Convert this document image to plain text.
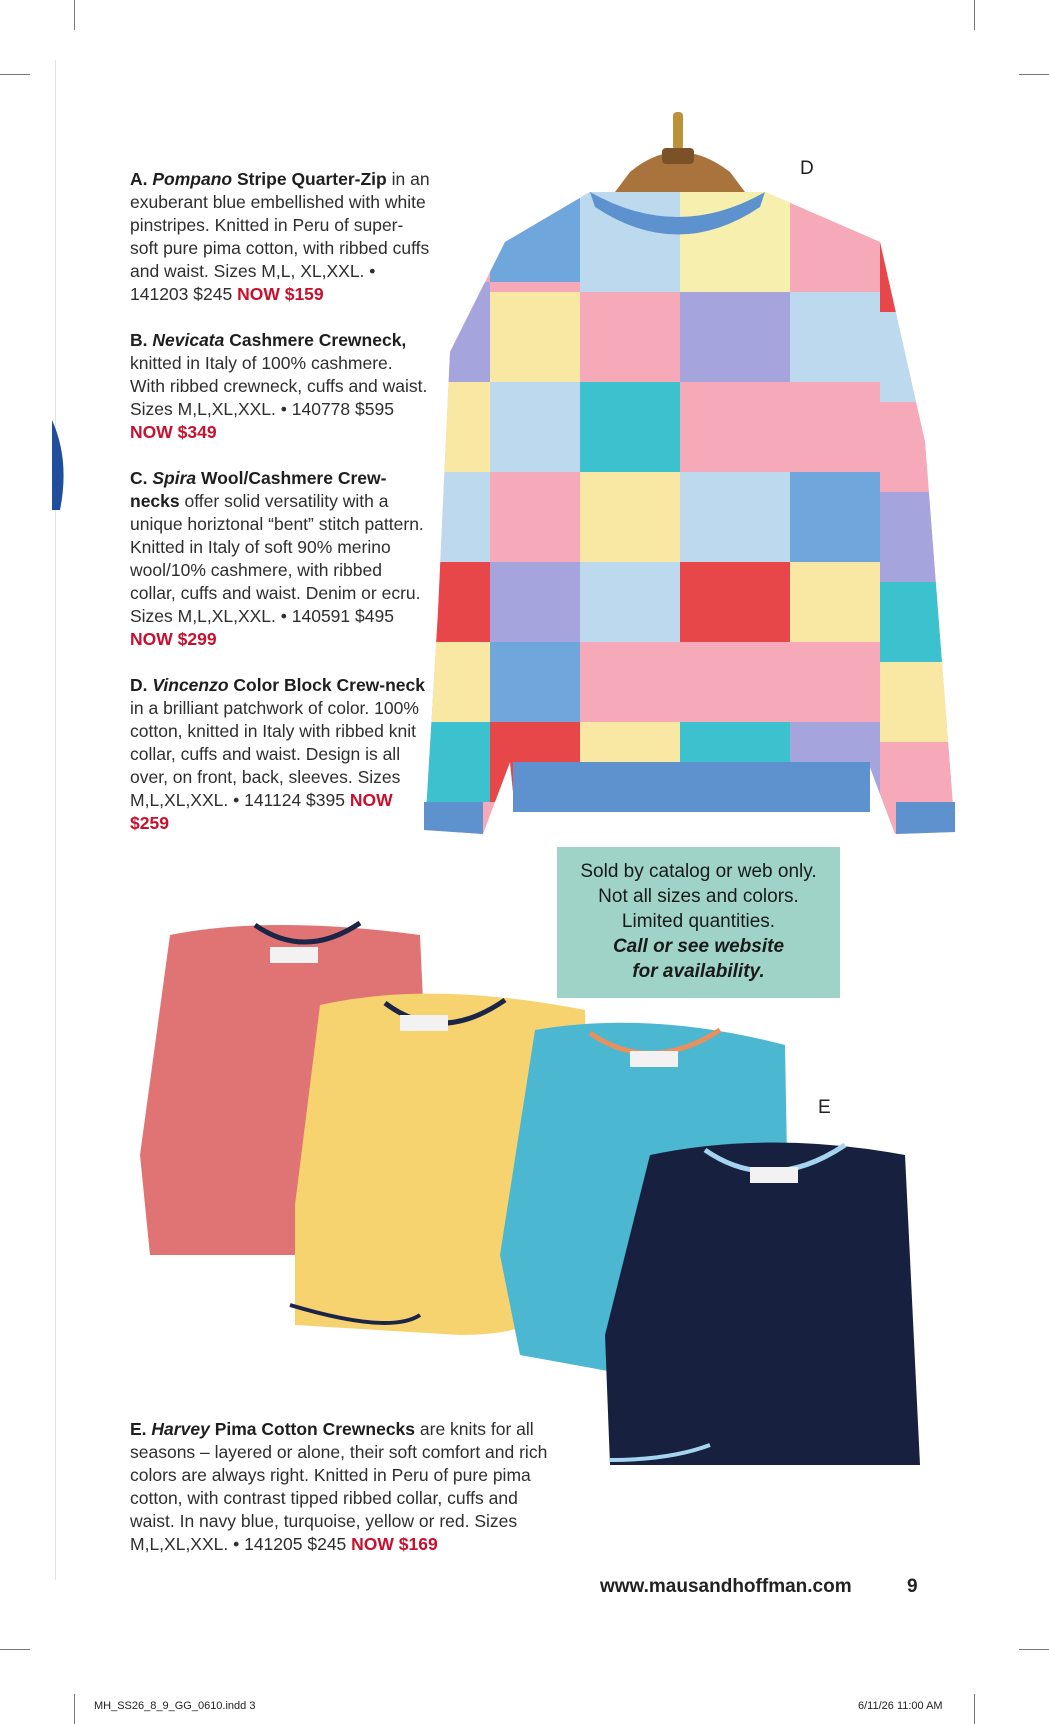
A. Pompano Stripe Quarter-Zip in an exuberant blue embellished with white pinstripes. Knitted in Peru of super-soft pure pima cotton, with ribbed cuffs and waist. Sizes M,L, XL,XXL. • 141203 $245 NOW $159
B. Nevicata Cashmere Crewneck, knitted in Italy of 100% cashmere. With ribbed crewneck, cuffs and waist. Sizes M,L,XL,XXL. • 140778 $595 NOW $349
C. Spira Wool/Cashmere Crew-necks offer solid versatility with a unique horiztonal “bent” stitch pattern. Knitted in Italy of soft 90% merino wool/10% cashmere, with ribbed collar, cuffs and waist. Denim or ecru. Sizes M,L,XL,XXL. • 140591 $495 NOW $299
D. Vincenzo Color Block Crew-neck in a brilliant patchwork of color. 100% cotton, knitted in Italy with ribbed knit collar, cuffs and waist. Design is all over, on front, back, sleeves. Sizes M,L,XL,XXL. • 141124 $395 NOW $259
E. Harvey Pima Cotton Crewnecks are knits for all seasons – layered or alone, their soft comfort and rich colors are always right. Knitted in Peru of pure pima cotton, with contrast tipped ribbed collar, cuffs and waist. In navy blue, turquoise, yellow or red. Sizes M,L,XL,XXL. • 141205 $245 NOW $169
D
Sold by catalog or web only.
Not all sizes and colors.
Limited quantities.
Call or see website
for availability.
E
www.mausandhoffman.com	9
MH_SS26_8_9_GG_0610.indd 3	6/11/26 11:00 AM
